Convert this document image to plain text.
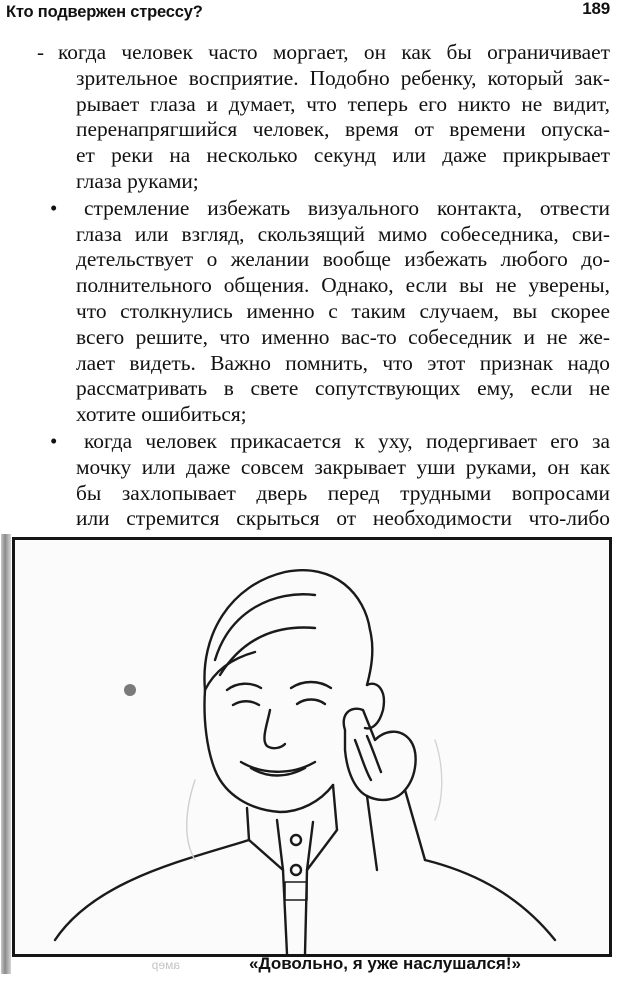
Кто подвержен стрессу?	189
- когда человек часто моргает, он как бы ограничивает
зрительное восприятие. Подобно ребенку, который зак-
рывает глаза и думает, что теперь его никто не видит,
перенапрягшийся человек, время от времени опуска-
ет реки на несколько секунд или даже прикрывает
глаза руками;
• стремление избежать визуального контакта, отвести
глаза или взгляд, скользящий мимо собеседника, сви-
детельствует о желании вообще избежать любого до-
полнительного общения. Однако, если вы не уверены,
что столкнулись именно с таким случаем, вы скорее
всего решите, что именно вас-то собеседник и не же-
лает видеть. Важно помнить, что этот признак надо
рассматривать в свете сопутствующих ему, если не
хотите ошибиться;
• когда человек прикасается к уху, подергивает его за
мочку или даже совсем закрывает уши руками, он как
бы захлопывает дверь перед трудными вопросами
или стремится скрыться от необходимости что-либо
амер	«Довольно, я уже наслушался!»
